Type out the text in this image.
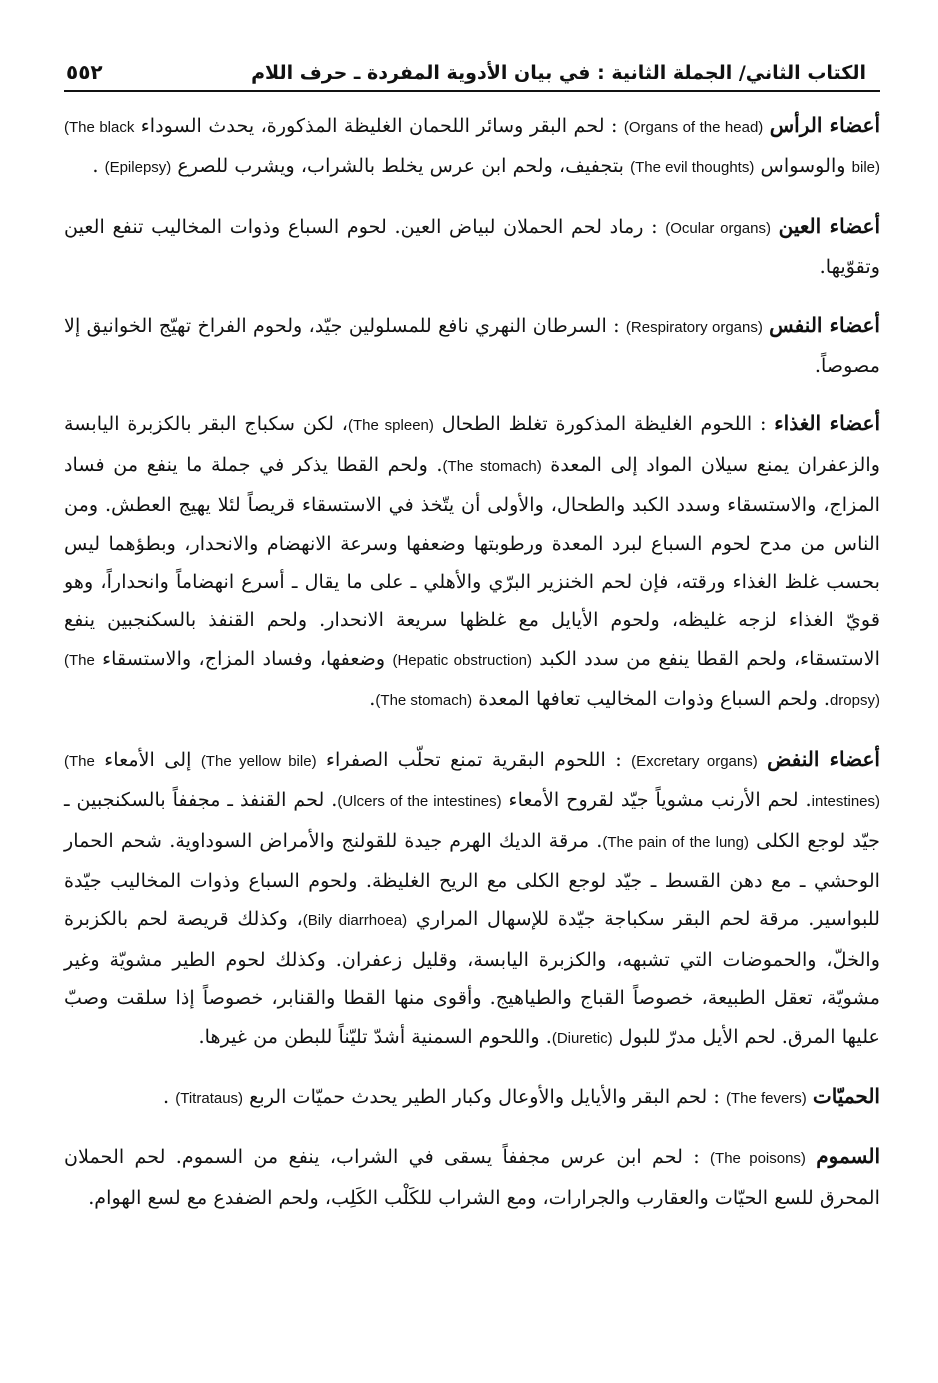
الكتاب الثاني/ الجملة الثانية : في بيان الأدوية المفردة ـ حرف اللام
٥٥٢

أعضاء الرأس (Organs of the head) : لحم البقر وسائر اللحمان الغليظة المذكورة، يحدث السوداء (The black bile) والوسواس (The evil thoughts) بتجفيف، ولحم ابن عرس يخلط بالشراب، ويشرب للصرع (Epilepsy) .

أعضاء العين (Ocular organs) : رماد لحم الحملان لبياض العين. لحوم السباع وذوات المخاليب تنفع العين وتقوّيها.

أعضاء النفس (Respiratory organs) : السرطان النهري نافع للمسلولين جيّد، ولحوم الفراخ تهيّج الخوانيق إلا مصوصاً.

أعضاء الغذاء : اللحوم الغليظة المذكورة تغلظ الطحال (The spleen)، لكن سكباج البقر بالكزبرة اليابسة والزعفران يمنع سيلان المواد إلى المعدة (The stomach). ولحم القطا يذكر في جملة ما ينفع من فساد المزاج، والاستسقاء وسدد الكبد والطحال، والأولى أن يتّخذ في الاستسقاء قريصاً لئلا يهيج العطش. ومن الناس من مدح لحوم السباع لبرد المعدة ورطوبتها وضعفها وسرعة الانهضام والانحدار، وبطؤهما ليس بحسب غلظ الغذاء ورقته، فإن لحم الخنزير البرّي والأهلي ـ على ما يقال ـ أسرع انهضاماً وانحداراً، وهو قويّ الغذاء لزجه غليظه، ولحوم الأيايل مع غلظها سريعة الانحدار. ولحم القنفذ بالسكنجبين ينفع الاستسقاء، ولحم القطا ينفع من سدد الكبد (Hepatic obstruction) وضعفها، وفساد المزاج، والاستسقاء (The dropsy). ولحم السباع وذوات المخاليب تعافها المعدة (The stomach).

أعضاء النفض (Excretary organs) : اللحوم البقرية تمنع تحلّب الصفراء (The yellow bile) إلى الأمعاء (The intestines). لحم الأرنب مشوياً جيّد لقروح الأمعاء (Ulcers of the intestines). لحم القنفذ ـ مجففاً بالسكنجبين ـ جيّد لوجع الكلى (The pain of the lung). مرقة الديك الهرم جيدة للقولنج والأمراض السوداوية. شحم الحمار الوحشي ـ مع دهن القسط ـ جيّد لوجع الكلى مع الريح الغليظة. ولحوم السباع وذوات المخاليب جيّدة للبواسير. مرقة لحم البقر سكباجة جيّدة للإسهال المراري (Bily diarrhoea)، وكذلك قريصة لحم بالكزبرة والخلّ، والحموضات التي تشبهه، والكزبرة اليابسة، وقليل زعفران. وكذلك لحوم الطير مشويّة وغير مشويّة، تعقل الطبيعة، خصوصاً القباج والطياهيج. وأقوى منها القطا والقنابر، خصوصاً إذا سلقت وصبّ عليها المرق. لحم الأيل مدرّ للبول (Diuretic). واللحوم السمنية أشدّ تليّناً للبطن من غيرها.

الحميّات (The fevers) : لحم البقر والأيايل والأوعال وكبار الطير يحدث حميّات الربع (Titrataus) .

السموم (The poisons) : لحم ابن عرس مجففاً يسقى في الشراب، ينفع من السموم. لحم الحملان المحرق للسع الحيّات والعقارب والجرارات، ومع الشراب للكَلْب الكَلِب، ولحم الضفدع مع لسع الهوام.
